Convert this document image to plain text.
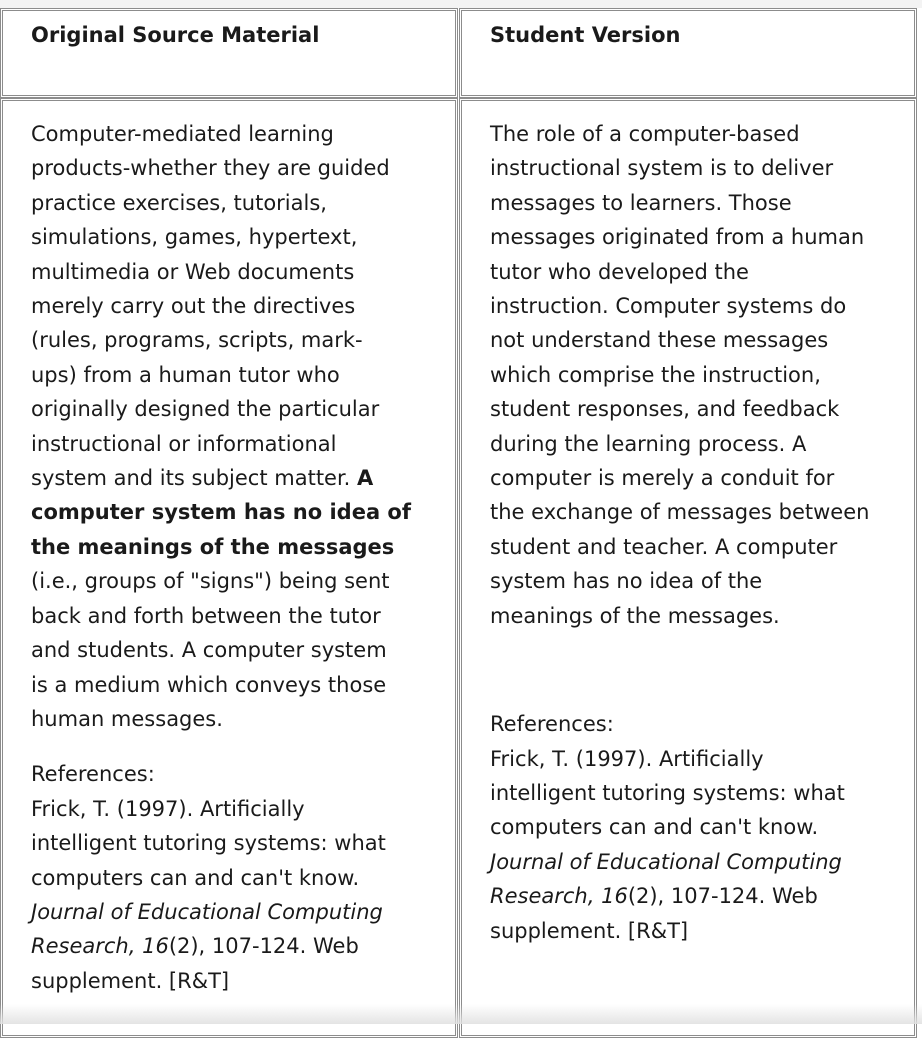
Original Source Material	Student Version

Computer-mediated learning
products-whether they are guided
practice exercises, tutorials,
simulations, games, hypertext,
multimedia or Web documents
merely carry out the directives
(rules, programs, scripts, mark-
ups) from a human tutor who
originally designed the particular
instructional or informational
system and its subject matter. A
computer system has no idea of
the meanings of the messages
(i.e., groups of "signs") being sent
back and forth between the tutor
and students. A computer system
is a medium which conveys those
human messages.

References:
Frick, T. (1997). Artificially
intelligent tutoring systems: what
computers can and can't know.
Journal of Educational Computing
Research, 16(2), 107-124. Web
supplement. [R&T]

The role of a computer-based
instructional system is to deliver
messages to learners. Those
messages originated from a human
tutor who developed the
instruction. Computer systems do
not understand these messages
which comprise the instruction,
student responses, and feedback
during the learning process. A
computer is merely a conduit for
the exchange of messages between
student and teacher. A computer
system has no idea of the
meanings of the messages.

References:
Frick, T. (1997). Artificially
intelligent tutoring systems: what
computers can and can't know.
Journal of Educational Computing
Research, 16(2), 107-124. Web
supplement. [R&T]
